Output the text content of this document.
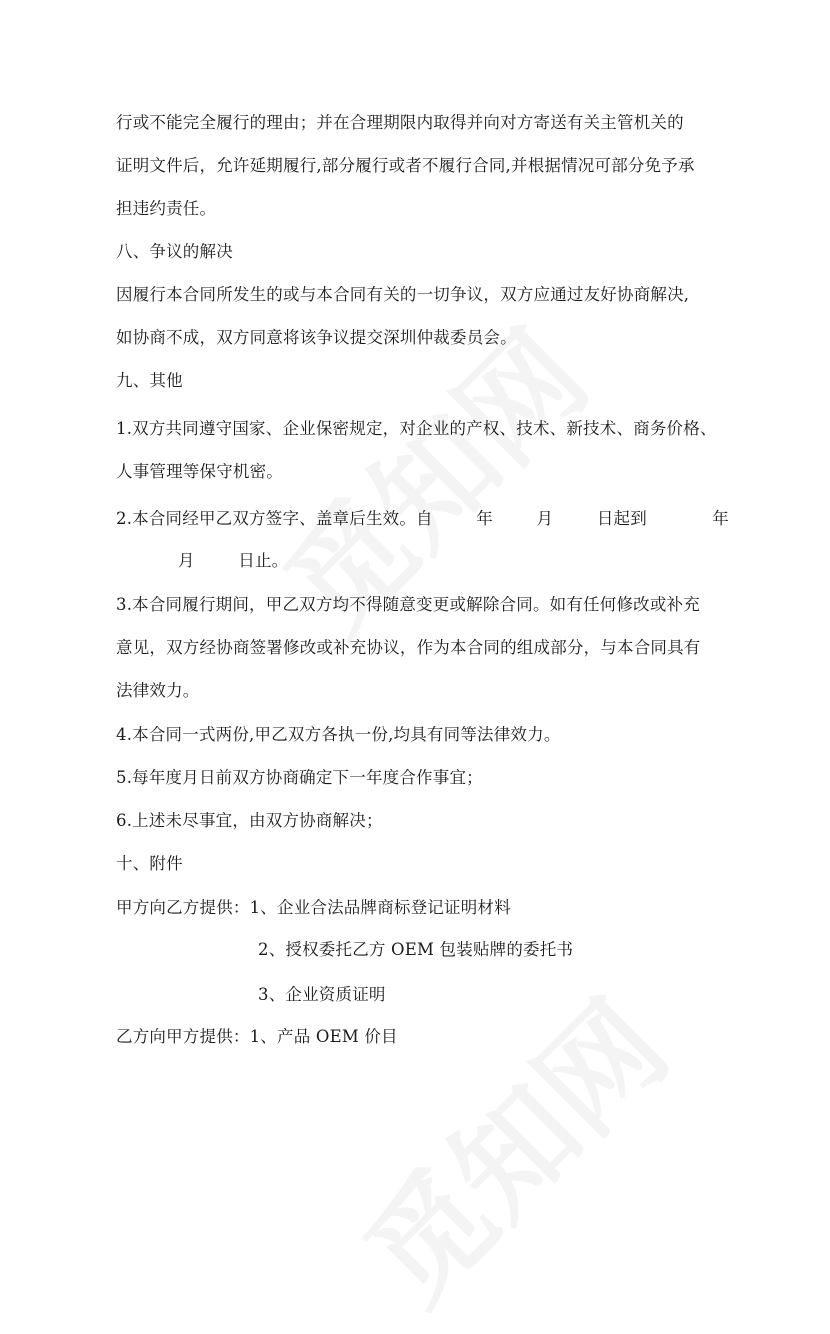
行或不能完全履行的理由；并在合理期限内取得并向对方寄送有关主管机关的
证明文件后，允许延期履行,部分履行或者不履行合同,并根据情况可部分免予承
担违约责任。
八、争议的解决
因履行本合同所发生的或与本合同有关的一切争议，双方应通过友好协商解决,
如协商不成，双方同意将该争议提交深圳仲裁委员会。
九、其他
1.双方共同遵守国家、企业保密规定，对企业的产权、技术、新技术、商务价格、
人事管理等保守机密。
2.本合同经甲乙双方签字、盖章后生效。自        年        月        日起到            年
月        日止。
3.本合同履行期间，甲乙双方均不得随意变更或解除合同。如有任何修改或补充
意见，双方经协商签署修改或补充协议，作为本合同的组成部分，与本合同具有
法律效力。
4.本合同一式两份,甲乙双方各执一份,均具有同等法律效力。
5.每年度月日前双方协商确定下一年度合作事宜；
6.上述未尽事宜，由双方协商解决；
十、附件
甲方向乙方提供：1、企业合法品牌商标登记证明材料
2、授权委托乙方 OEM 包装贴牌的委托书
3、企业资质证明
乙方向甲方提供：1、产品 OEM 价目
